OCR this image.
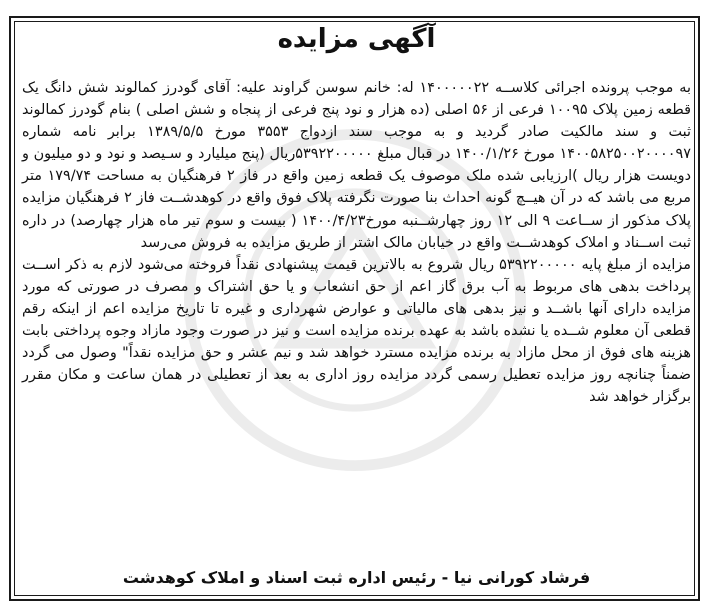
آگهی مزایده

به موجب پرونده اجرائی کلاســه ۱۴۰۰۰۰۰۲۲ له: خانم سوسن گراوند علیه: آقای گودرز کمالوند شش دانگ یک قطعه زمین پلاک ۱۰۰۹۵ فرعی از ۵۶ اصلی (ده هزار و نود پنج فرعی از پنجاه و شش اصلی ) بنام گودرز کمالوند ثبت و سند مالکیت صادر گردید و به موجب سند ازدواج ۳۵۵۳ مورخ ۱۳۸۹/۵/۵ برابر نامه شماره ۱۴۰۰۵۸۲۵۰۰۲۰۰۰۰۹۷ مورخ ۱۴۰۰/۱/۲۶ در قبال مبلغ ۵۳۹۲۲۰۰۰۰۰ریال (پنج میلیارد و سـیصد و نود و دو میلیون و دویست هزار ریال )ارزیابی شده ملک موصوف یک قطعه زمین واقع در فاز ۲ فرهنگیان به مساحت ۱۷۹/۷۴ متر مربع می باشد که در آن هیــچ گونه احداث بنا صورت نگرفته پلاک فوق واقع در کوهدشــت فاز ۲ فرهنگیان مزایده پلاک مذکور از ســاعت ۹ الی ۱۲ روز چهارشــنبه مورخ۱۴۰۰/۴/۲۳ ( بیست و سوم تیر ماه هزار چهارصد) در داره ثبت اســناد و املاک کوهدشــت واقع در خیابان مالک اشتر از طریق مزایده به فروش می‌رسد

مزایده از مبلغ پایه ۵۳۹۲۲۰۰۰۰۰ ریال شروع به بالاترین قیمت پیشنهادی نقداً فروخته می‌شود لازم به ذکر اســت پرداخت بدهی های مربوط به آب برق گاز اعم از حق انشعاب و یا حق اشتراک و مصرف در صورتی که مورد مزایده دارای آنها باشــد و نیز بدهی های مالیاتی و عوارض شهرداری و غیره تا تاریخ مزایده اعم از اینکه رقم قطعی آن معلوم شــده یا نشده باشد به عهده برنده مزایده است و نیز در صورت وجود مازاد وجوه پرداختی بابت هزینه های فوق از محل مازاد به برنده مزایده مسترد خواهد شد و نیم عشر و حق مزایده نقداً" وصول می گردد ضمناً چنانچه روز مزایده تعطیل رسمی گردد مزایده روز اداری به بعد از تعطیلی در همان ساعت و مکان مقرر برگزار خواهد شد

فرشاد کورانی نیا - رئیس اداره ثبت اسناد و املاک کوهدشت
